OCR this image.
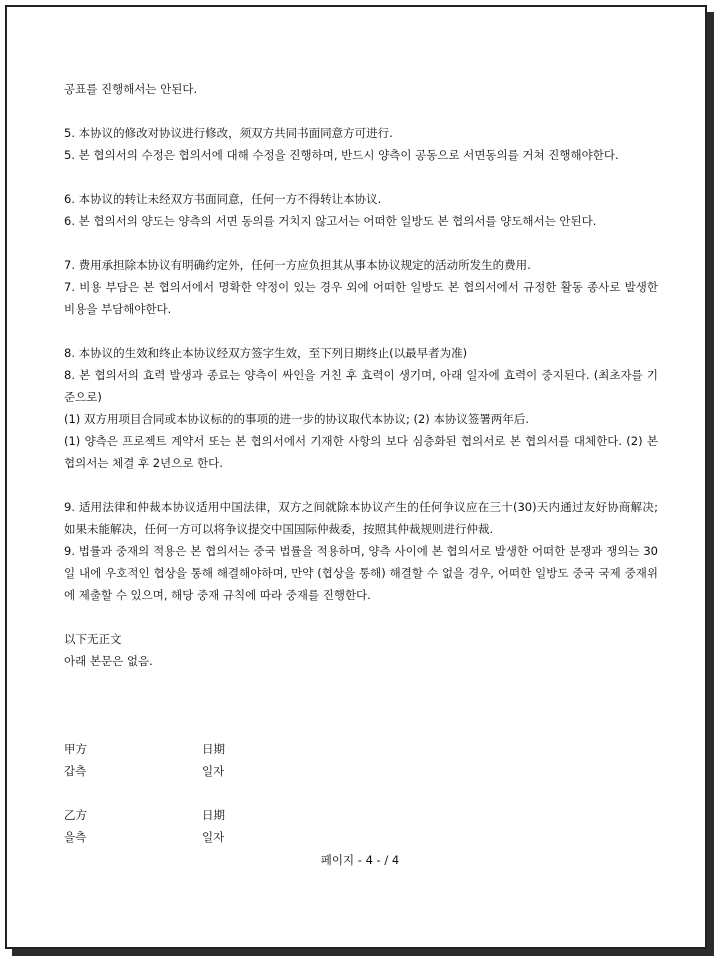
공표를 진행해서는 안된다.

5. 本协议的修改对协议进行修改，须双方共同书面同意方可进行.

5. 본 협의서의 수정은 협의서에 대해 수정을 진행하며, 반드시 양측이 공동으로 서면동의를 거쳐 진행해야한다.

6. 本协议的转让未经双方书面同意，任何一方不得转让本协议.

6. 본 협의서의 양도는 양측의 서면 동의를 거치지 않고서는 어떠한 일방도 본 협의서를 양도해서는 안된다.

7. 费用承担除本协议有明确约定外，任何一方应负担其从事本协议规定的活动所发生的费用.

7. 비용 부담은 본 협의서에서 명확한 약정이 있는 경우 외에 어떠한 일방도 본 협의서에서 규정한 활동 종사로 발생한 비용을 부담해야한다.

8. 本协议的生效和终止本协议经双方签字生效，至下列日期终止(以最早者为准)

8. 본 협의서의 효력 발생과 종료는 양측이 싸인을 거친 후 효력이 생기며, 아래 일자에 효력이 중지된다. (최초자를 기준으로)

(1) 双方用项目合同或本协议标的的事项的进一步的协议取代本协议; (2) 本协议签署两年后.

(1) 양측은 프로젝트 계약서 또는 본 협의서에서 기재한 사항의 보다 심층화된 협의서로 본 협의서를 대체한다. (2) 본 협의서는 체결 후 2년으로 한다.

9. 适用法律和仲裁本协议适用中国法律，双方之间就除本协议产生的任何争议应在三十(30)天内通过友好协商解决;如果未能解决，任何一方可以将争议提交中国国际仲裁委，按照其仲裁规则进行仲裁.

9. 법률과 중재의 적용은 본 협의서는 중국 법률을 적용하며, 양측 사이에 본 협의서로 발생한 어떠한 분쟁과 쟁의는 30일 내에 우호적인 협상을 통해 해결해야하며, 만약 (협상을 통해) 해결할 수 없을 경우, 어떠한 일방도 중국 국제 중재위에 제출할 수 있으며, 해당 중재 규칙에 따라 중재를 진행한다.

以下无正文

아래 본문은 없음.

甲方	日期
갑측	일자
乙方	日期
을측	일자
페이지 - 4 - / 4
